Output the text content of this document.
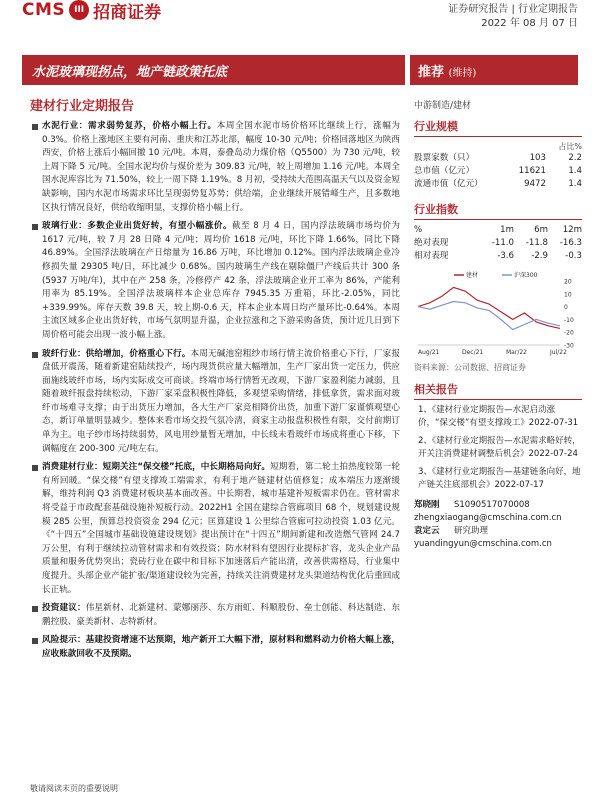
CMS III 招商证券	证券研究报告 | 行业定期报告
2022 年 08 月 07 日
水泥玻璃现拐点，地产链政策托底	推荐 (维持)
建材行业定期报告	中游制造/建材
水泥行业：需求弱势复苏，价格小幅上行。本周全国水泥市场价格环比继续上行，涨幅为 0.3%。价格上涨地区主要有河南、重庆和江苏北部，幅度 10-30 元/吨；价格回落地区为陕西西安，价格上涨后小幅回撤 10 元/吨。本周，泰叠岛动力煤价格（Q5500）为 730 元/吨，较上周下降 5 元/吨。全国水泥均价与煤价差为 309.83 元/吨，较上周增加 1.16 元/吨。本周全国水泥库容比为 71.50%，较上一周下降 1.19%。8 月初，受持续大范围高温天气以及资金短缺影响，国内水泥市场需求环比呈现弱势复苏势；供给端，企业继续开展错峰生产，且多数地区执行情况良好，供给收缩明显，支撑价格小幅上行。
玻璃行业：多数企业出货好转，有望小幅涨价。截至 8 月 4 日，国内浮法玻璃市场均价为 1617 元/吨，较 7 月 28 日降 4 元/吨；周均价 1618 元/吨，环比下降 1.66%，同比下降 46.89%。全国浮法玻璃在产日熔量为 16.86 万吨，环比增加 0.12%。国内浮法玻璃企业冷修损失量 29305 吨/日，环比减少 0.68%。国内玻璃生产线在剔除僵尸产线后共计 300 条(5937 万吨/年)，其中在产 258 条，冷修停产 42 条，浮法玻璃企业开工率为 86%，产能利用率为 85.19%。全国浮法玻璃样本企业总库存 7945.35 万重箱，环比-2.05%，同比+339.99%。库存天数 39.8 天，较上期-0.6 天，样本企业本周日均产量环比-0.64%。本周主流区域多企业出货好转，市场气氛明显升温，企业拉涨和之下游采购备货，预计近几日到下周价格可能会出现一波小幅上涨。
玻纤行业：供给增加，价格重心下行。本周无碱池窑粗纱市场行情主流价格重心下行，厂家报盘低开震荡，随着新建窑陆续投产，场内现货供应量大幅增加，生产厂家出货一定压力，供应面施线玻纤市场，场内实际成交可商谈。终端市场行情暂无改观，下游厂家盈利能力减弱，且随着玻纤报盘持续松动，下游厂家采盘积极性降低，多观望采购情绪，排低拿货，需求面对玻纤市场难寻支撑；由于出货压力增加，各大生产厂家竞相降价出货，加重下游厂家谨慎观望心态，新订单量明显减少。整体来看市场交投气氛冷清，商家主动报盘积极性有限，交付前期订单为主。电子纱市场持续弱势，风电用纱量暂无增加，中长线未看玻纤市场成将重心下移，下调幅度在 200-300 元/吨左右。
消费建材行业：短期关注“保交楼”托底，中长期格局向好。短期看，第二轮土拍热度较第一轮有所回暖。“保交楼”有望支撑竣工端需求，有利于地产链建材估值修复；成本端压力逐渐缓解，维持利润 Q3 消费建材板块基本面改善。中长期看，城市基建补短板需求仍在。管材需求将受益于市政配套基础设施补短板行动。2022H1 全国在建综合管廊项目 68 个，规划建设规模 285 公里，预算总投资资金 294 亿元；匡算建设 1 公里综合管廊可拉动投资 1.03 亿元。《“十四五”全国城市基础设施建设规划》提出预计在“十四五”期间新建和改造燃气管网 24.7 万公里，有利于继续拉动管材需求和有效投资；防水材料有望因行业提标扩容，龙头企业产品质量和服务优势突出；瓷砖行业在碳中和目标下加速落后产能出清，改善供需格局，行业集中度提升。头部企业产能扩张/渠道建设较为完善，持续关注消费建材龙头渠道结构优化后重回成长正轨。
投资建议：伟星新材、北新建材、蒙娜丽莎、东方雨虹、科顺股份、垒士创能、科达制造、东鹏控股、豪美新材、志特新材。
风险提示：基建投资增速不达预期，地产新开工大幅下滑，原材料和燃料动力价格大幅上涨，应收账款回收不及预期。
行业规模
占比%
股票家数（只）	103	2.2
总市值（亿元）	11621	1.4
流通市值（亿元）	9472	1.4
行业指数
%	1m	6m	12m
绝对表现	-11.0	-11.8	-16.3
相对表现	-3.6	-2.9	-0.3
20
10
0
-10
-20
-30
Aug/21	Dec/21	Mar/22	Jul/22
建材	沪深300
资料来源：公司数据、招商证券
相关报告
1、《建材行业定期报告—水泥启动涨价，“保交楼”有望支撑竣工》2022-07-31
2、《建材行业定期报告—水泥需求略好转，开关注消费建材调整后机会》2022-07-24
3、《建材行业定期报告—基建链条向好，地产链关注底部机会》2022-07-17
郑晓刚 S1090517070008
zhengxiaogang@cmschina.com.cn
袁定云 研究助理
yuandingyun@cmschina.com.cn
敬请阅读末页的重要说明
